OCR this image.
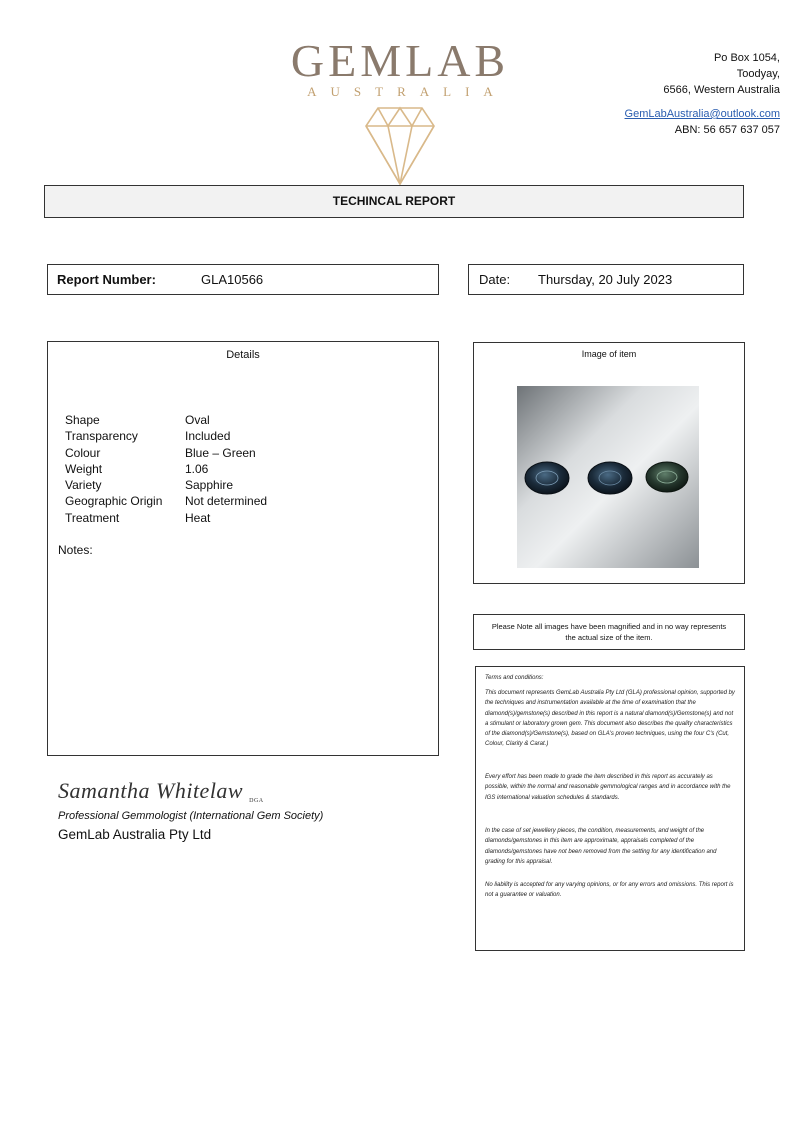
GEMLAB
AUSTRALIA
Po Box 1054,
Toodyay,
6566, Western Australia
GemLabAustralia@outlook.com
ABN: 56 657 637 057
TECHINCAL REPORT
Report Number:	GLA10566	Date: Thursday, 20 July 2023
Details
Shape	Oval
Transparency	Included
Colour	Blue – Green
Weight	1.06
Variety	Sapphire
Geographic Origin	Not determined
Treatment	Heat
Notes:
Image of item
Please Note all images have been magnified and in no way represents the actual size of the item.
Terms and conditions:
This document represents GemLab Australia Pty Ltd (GLA) professional opinion, supported by the techniques and instrumentation available at the time of examination that the diamond(s)/gemstone(s) described in this report is a natural diamond(s)/Gemstone(s) and not a stimulant or laboratory grown gem. This document also describes the quality characteristics of the diamond(s)/Gemstone(s), based on GLA's proven techniques, using the four C's (Cut, Colour, Clarity & Carat.)
Every effort has been made to grade the item described in this report as accurately as possible, within the normal and reasonable gemmological ranges and in accordance with the IGS international valuation schedules & standards.
In the case of set jewellery pieces, the condition, measurements, and weight of the diamonds/gemstones in this item are approximate, appraisals completed of the diamonds/gemstones have not been removed from the setting for any identification and grading for this appraisal.
No liability is accepted for any varying opinions, or for any errors and omissions. This report is not a guarantee or valuation.
Samantha Whitelaw DGA
Professional Gemmologist (International Gem Society)
GemLab Australia Pty Ltd
